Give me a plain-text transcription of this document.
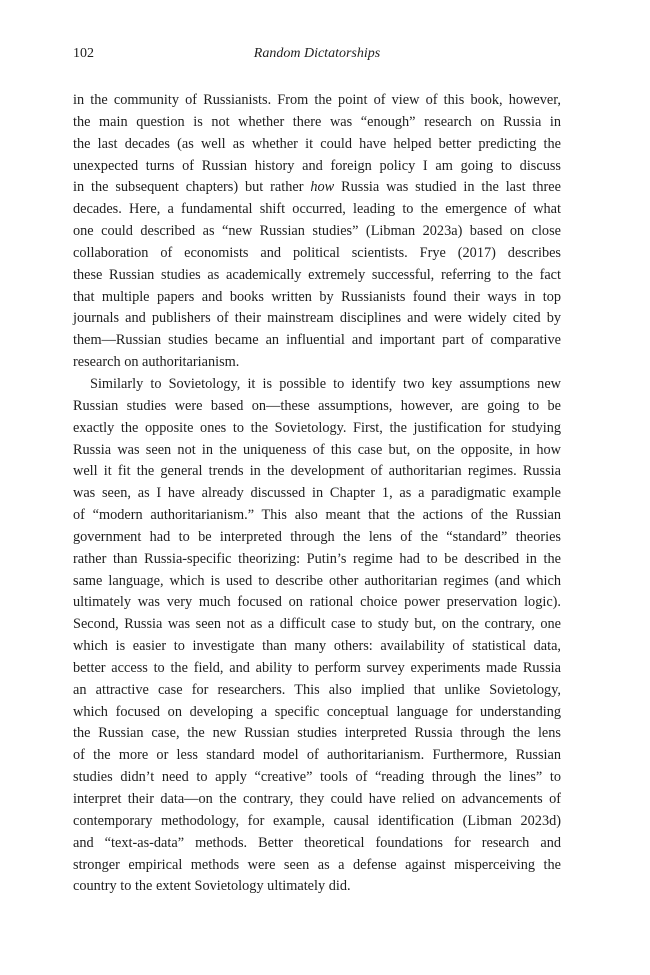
102	Random Dictatorships

in the community of Russianists. From the point of view of this book, however,
the main question is not whether there was “enough” research on Russia in
the last decades (as well as whether it could have helped better predicting the
unexpected turns of Russian history and foreign policy I am going to discuss
in the subsequent chapters) but rather how Russia was studied in the last three
decades. Here, a fundamental shift occurred, leading to the emergence of what
one could described as “new Russian studies” (Libman 2023a) based on close
collaboration of economists and political scientists. Frye (2017) describes
these Russian studies as academically extremely successful, referring to the fact
that multiple papers and books written by Russianists found their ways in top
journals and publishers of their mainstream disciplines and were widely cited by
them—Russian studies became an influential and important part of comparative
research on authoritarianism.

Similarly to Sovietology, it is possible to identify two key assumptions new
Russian studies were based on—these assumptions, however, are going to be
exactly the opposite ones to the Sovietology. First, the justification for studying
Russia was seen not in the uniqueness of this case but, on the opposite, in how
well it fit the general trends in the development of authoritarian regimes. Russia
was seen, as I have already discussed in Chapter 1, as a paradigmatic example
of “modern authoritarianism.” This also meant that the actions of the Russian
government had to be interpreted through the lens of the “standard” theories
rather than Russia-specific theorizing: Putin’s regime had to be described in the
same language, which is used to describe other authoritarian regimes (and which
ultimately was very much focused on rational choice power preservation logic).
Second, Russia was seen not as a difficult case to study but, on the contrary, one
which is easier to investigate than many others: availability of statistical data,
better access to the field, and ability to perform survey experiments made Russia
an attractive case for researchers. This also implied that unlike Sovietology,
which focused on developing a specific conceptual language for understanding
the Russian case, the new Russian studies interpreted Russia through the lens
of the more or less standard model of authoritarianism. Furthermore, Russian
studies didn’t need to apply “creative” tools of “reading through the lines” to
interpret their data—on the contrary, they could have relied on advancements of
contemporary methodology, for example, causal identification (Libman 2023d)
and “text-as-data” methods. Better theoretical foundations for research and
stronger empirical methods were seen as a defense against misperceiving the
country to the extent Sovietology ultimately did.
